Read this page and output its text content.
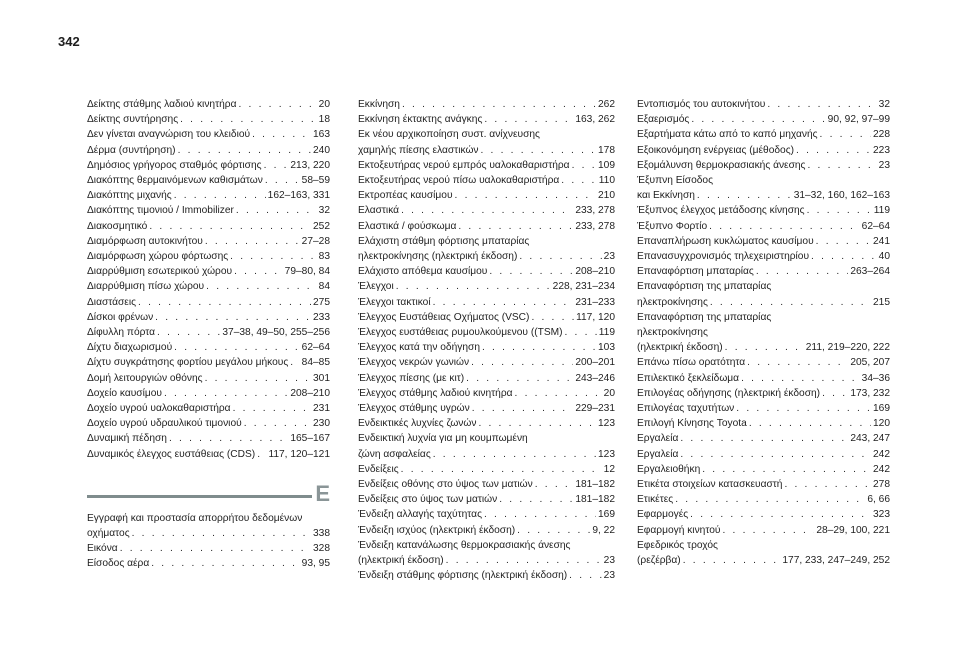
342
Δείκτης στάθμης λαδιού κινητήρα . . .	20
Δείκτης συντήρησης . . .	18
Δεν γίνεται αναγνώριση του κλειδιού . . .	163
Δέρμα (συντήρηση) . . .	240
Δημόσιος γρήγορος σταθμός φόρτισης . . .	213, 220
Διακόπτης θερμαινόμενων καθισμάτων . . .	58–59
Διακόπτης μιχανής . . .	162–163, 331
Διακόπτης τιμονιού / Immobilizer . . .	32
Διακοσμητικό . . .	252
Διαμόρφωση αυτοκινήτου . . .	27–28
Διαμόρφωση χώρου φόρτωσης . . .	83
Διαρρύθμιση εσωτερικού χώρου . . .	79–80, 84
Διαρρύθμιση πίσω χώρου . . .	84
Διαστάσεις . . .	275
Δίσκοι φρένων . . .	233
Δίφυλλη πόρτα . . .	37–38, 49–50, 255–256
Δίχτυ διαχωρισμού . . .	62–64
Δίχτυ συγκράτησης φορτίου μεγάλου μήκους . . . 84–85
Δομή λειτουργιών οθόνης . . .	301
Δοχείο καυσίμου . . .	208–210
Δοχείο υγρού υαλοκαθαριστήρα . . .	231
Δοχείο υγρού υδραυλικού τιμονιού . . .	230
Δυναμική πέδηση . . .	165–167
Δυναμικός έλεγχος ευστάθειας (CDS) . . . 117, 120–121
Ε
Εγγραφή και προστασία απορρήτου δεδομένων
οχήματος . . .	338
Εικόνα . . .	328
Είσοδος αέρα . . .	93, 95
Εκκίνηση . . .	262
Εκκίνηση έκτακτης ανάγκης . . .	163, 262
Εκ νέου αρχικοποίηση συστ. ανίχνευσης
χαμηλής πίεσης ελαστικών . . .	178
Εκτοξευτήρας νερού εμπρός υαλοκαθαριστήρα . . .	109
Εκτοξευτήρας νερού πίσω υαλοκαθαριστήρα . . .	110
Εκτροπέας καυσίμου . . .	210
Ελαστικά . . .	233, 278
Ελαστικά / φούσκωμα . . .	233, 278
Ελάχιστη στάθμη φόρτισης μπαταρίας
ηλεκτροκίνησης (ηλεκτρική έκδοση) . . .	23
Ελάχιστο απόθεμα καυσίμου . . .	208–210
Έλεγχοι . . .	228, 231–234
Έλεγχοι τακτικοί . . .	231–233
Έλεγχος Ευστάθειας Οχήματος (VSC) . . .	117, 120
Έλεγχος ευστάθειας ρυμουλκούμενου ((TSM) . . .	119
Έλεγχος κατά την οδήγηση . . .	103
Έλεγχος νεκρών γωνιών . . .	200–201
Έλεγχος πίεσης (με κιτ) . . .	243–246
Έλεγχος στάθμης λαδιού κινητήρα . . .	20
Έλεγχος στάθμης υγρών . . .	229–231
Ενδεικτικές λυχνίες ζωνών . . .	123
Ενδεικτική λυχνία για μη κουμπωμένη
ζώνη ασφαλείας . . .	123
Ενδείξεις . . .	12
Ενδείξεις οθόνης στο ύψος των ματιών . . .	181–182
Ενδείξεις στο ύψος των ματιών . . .	181–182
Ένδειξη αλλαγής ταχύτητας . . .	169
Ένδειξη ισχύος (ηλεκτρική έκδοση) . . .	9, 22
Ένδειξη κατανάλωσης θερμοκρασιακής άνεσης
(ηλεκτρική έκδοση) . . .	23
Ένδειξη στάθμης φόρτισης (ηλεκτρική έκδοση) . . .	23
Εντοπισμός του αυτοκινήτου . . .	32
Εξαερισμός . . .	90, 92, 97–99
Εξαρτήματα κάτω από το καπό μηχανής . . .	228
Εξοικονόμηση ενέργειας (μέθοδος) . . .	223
Εξομάλυνση θερμοκρασιακής άνεσης . . .	23
Έξυπνη Είσοδος
και Εκκίνηση . . .	31–32, 160, 162–163
Έξυπνος έλεγχος μετάδοσης κίνησης . . .	119
Έξυπνο Φορτίο . . .	62–64
Επαναπλήρωση κυκλώματος καυσίμου . . .	241
Επανασυγχρονισμός τηλεχειριστηρίου . . .	40
Επαναφόρτιση μπαταρίας . . .	263–264
Επαναφόρτιση της μπαταρίας
ηλεκτροκίνησης . . .	215
Επαναφόρτιση της μπαταρίας
ηλεκτροκίνησης
(ηλεκτρική έκδοση) . . .	211, 219–220, 222
Επάνω πίσω ορατότητα . . .	205, 207
Επιλεκτικό ξεκλείδωμα . . .	34–36
Επιλογέας οδήγησης (ηλεκτρική έκδοση) . . .	173, 232
Επιλογέας ταχυτήτων . . .	169
Επιλογή Κίνησης Toyota . . .	120
Εργαλεία . . .	243, 247
Εργαλεία . . .	242
Εργαλειοθήκη . . .	242
Ετικέτα στοιχείων κατασκευαστή . . .	278
Ετικέτες . . .	6, 66
Εφαρμογές . . .	323
Εφαρμογή κινητού . . .	28–29, 100, 221
Εφεδρικός τροχός
(ρεζέρβα) . . .	177, 233, 247–249, 252
